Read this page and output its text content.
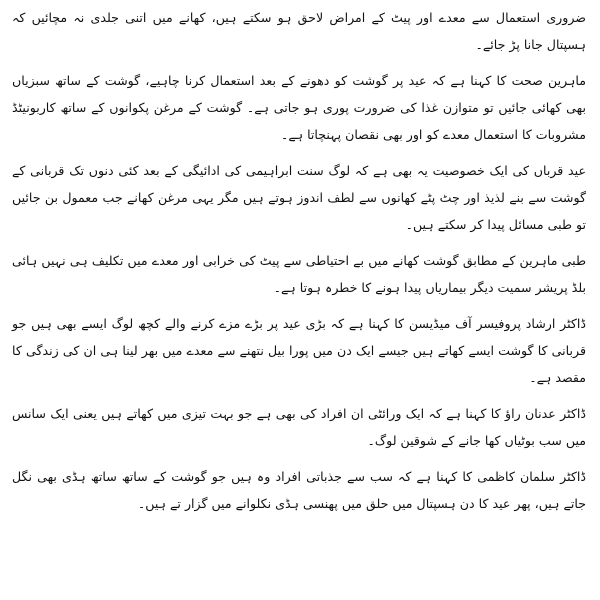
ضروری استعمال سے معدے اور پیٹ کے امراض لاحق ہو سکتے ہیں، کھانے میں اتنی جلدی نہ مچائیں کہ ہسپتال جانا پڑ جائے۔

ماہرین صحت کا کہنا ہے کہ عید پر گوشت کو دھونے کے بعد استعمال کرنا چاہیے، گوشت کے ساتھ سبزیاں بھی کھائی جائیں تو متوازن غذا کی ضرورت پوری ہو جاتی ہے۔ گوشت کے مرغن پکوانوں کے ساتھ کاربونیٹڈ مشروبات کا استعمال معدے کو اور بھی نقصان پہنچاتا ہے۔

عید قرباں کی ایک خصوصیت یہ بھی ہے کہ لوگ سنت ابراہیمی کی ادائیگی کے بعد کئی دنوں تک قربانی کے گوشت سے بنے لذیذ اور چٹ پٹے کھانوں سے لطف اندوز ہوتے ہیں مگر یہی مرغن کھانے جب معمول بن جائیں تو طبی مسائل پیدا کر سکتے ہیں۔

طبی ماہرین کے مطابق گوشت کھانے میں بے احتیاطی سے پیٹ کی خرابی اور معدے میں تکلیف ہی نہیں ہائی بلڈ پریشر سمیت دیگر بیماریاں پیدا ہونے کا خطرہ ہوتا ہے۔

ڈاکٹر ارشاد پروفیسر آف میڈیسن کا کہنا ہے کہ بڑی عید پر بڑے مزے کرنے والے کچھ لوگ ایسے بھی ہیں جو قربانی کا گوشت ایسے کھاتے ہیں جیسے ایک دن میں پورا بیل نتھنے سے معدے میں بھر لینا ہی ان کی زندگی کا مقصد ہے۔

ڈاکٹر عدنان راؤ کا کہنا ہے کہ ایک ورائٹی ان افراد کی بھی ہے جو بہت تیزی میں کھاتے ہیں یعنی ایک سانس میں سب بوٹیاں کھا جانے کے شوقین لوگ۔

ڈاکٹر سلمان کاظمی کا کہنا ہے کہ سب سے جذباتی افراد وہ ہیں جو گوشت کے ساتھ ساتھ ہڈی بھی نگل جاتے ہیں، پھر عید کا دن ہسپتال میں حلق میں پھنسی ہڈی نکلوانے میں گزار تے ہیں۔
